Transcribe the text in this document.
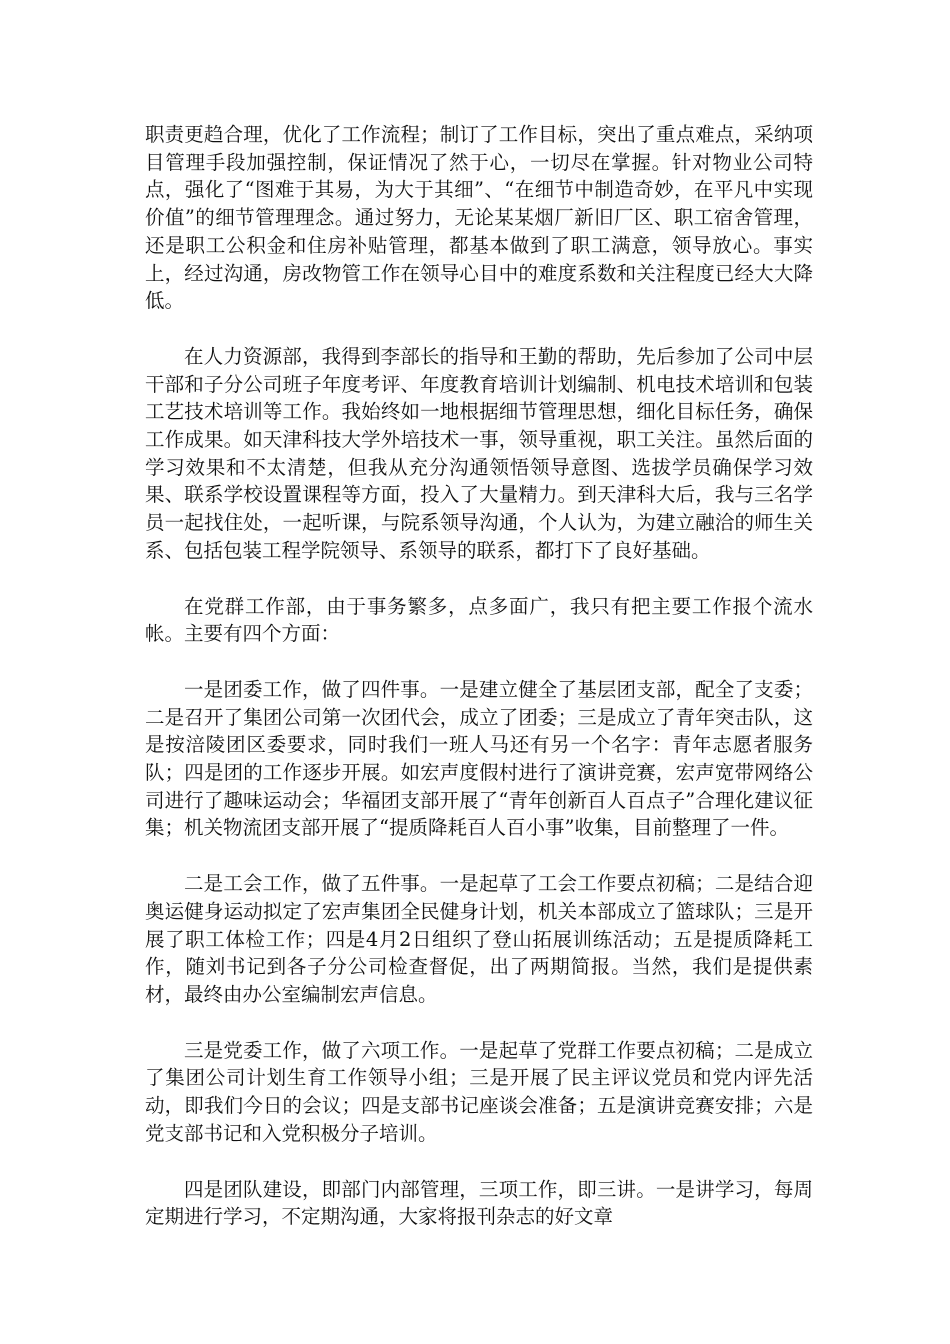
职责更趋合理，优化了工作流程；制订了工作目标，突出了重点难点，采纳项目管理手段加强控制，保证情况了然于心，一切尽在掌握。针对物业公司特点，强化了“图难于其易，为大于其细”、“在细节中制造奇妙，在平凡中实现价值”的细节管理理念。通过努力，无论某某烟厂新旧厂区、职工宿舍管理，还是职工公积金和住房补贴管理，都基本做到了职工满意，领导放心。事实上，经过沟通，房改物管工作在领导心目中的难度系数和关注程度已经大大降低。

在人力资源部，我得到李部长的指导和王勤的帮助，先后参加了公司中层干部和子分公司班子年度考评、年度教育培训计划编制、机电技术培训和包装工艺技术培训等工作。我始终如一地根据细节管理思想，细化目标任务，确保工作成果。如天津科技大学外培技术一事，领导重视，职工关注。虽然后面的学习效果和不太清楚，但我从充分沟通领悟领导意图、选拔学员确保学习效果、联系学校设置课程等方面，投入了大量精力。到天津科大后，我与三名学员一起找住处，一起听课，与院系领导沟通，个人认为，为建立融洽的师生关系、包括包装工程学院领导、系领导的联系，都打下了良好基础。

在党群工作部，由于事务繁多，点多面广，我只有把主要工作报个流水帐。主要有四个方面：

一是团委工作，做了四件事。一是建立健全了基层团支部，配全了支委；二是召开了集团公司第一次团代会，成立了团委；三是成立了青年突击队，这是按涪陵团区委要求，同时我们一班人马还有另一个名字：青年志愿者服务队；四是团的工作逐步开展。如宏声度假村进行了演讲竞赛，宏声宽带网络公司进行了趣味运动会；华福团支部开展了“青年创新百人百点子”合理化建议征集；机关物流团支部开展了“提质降耗百人百小事”收集，目前整理了一件。

二是工会工作，做了五件事。一是起草了工会工作要点初稿；二是结合迎奥运健身运动拟定了宏声集团全民健身计划，机关本部成立了篮球队；三是开展了职工体检工作；四是4月2日组织了登山拓展训练活动；五是提质降耗工作，随刘书记到各子分公司检查督促，出了两期简报。当然，我们是提供素材，最终由办公室编制宏声信息。

三是党委工作，做了六项工作。一是起草了党群工作要点初稿；二是成立了集团公司计划生育工作领导小组；三是开展了民主评议党员和党内评先活动，即我们今日的会议；四是支部书记座谈会准备；五是演讲竞赛安排；六是党支部书记和入党积极分子培训。

四是团队建设，即部门内部管理，三项工作，即三讲。一是讲学习，每周定期进行学习，不定期沟通，大家将报刊杂志的好文章
